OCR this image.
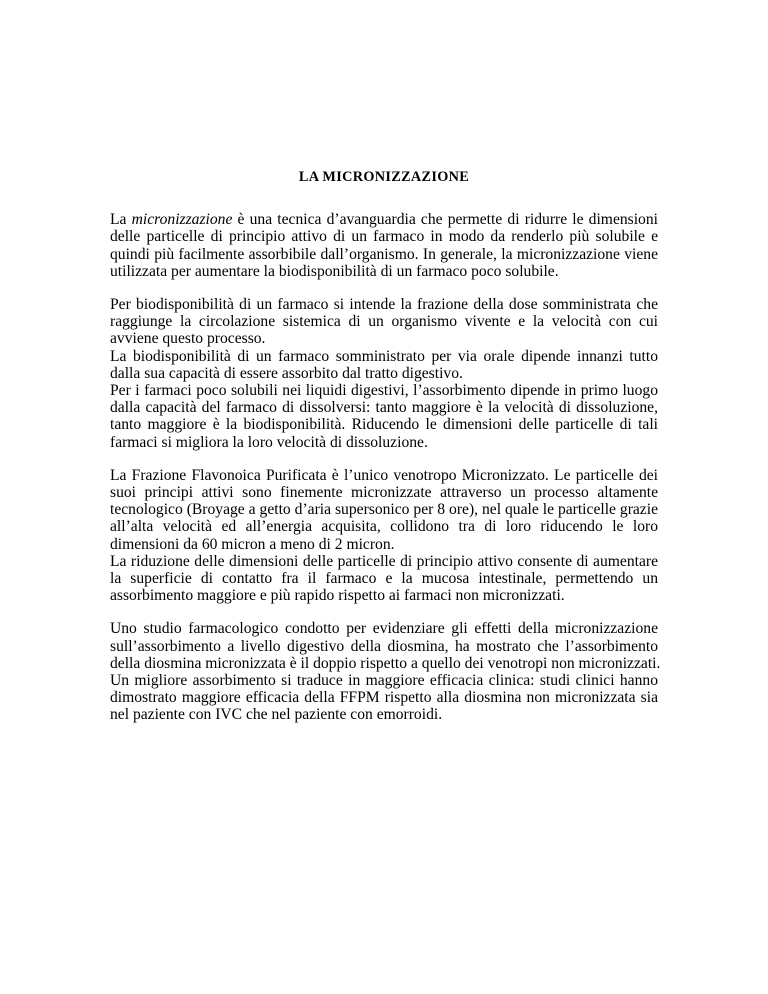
LA MICRONIZZAZIONE
La micronizzazione è una tecnica d’avanguardia che permette di ridurre le dimensioni
delle particelle di principio attivo di un farmaco in modo da renderlo più solubile e
quindi più facilmente assorbibile dall’organismo. In generale, la micronizzazione viene
utilizzata per aumentare la biodisponibilità di un farmaco poco solubile.
Per biodisponibilità di un farmaco si intende la frazione della dose somministrata che
raggiunge la circolazione sistemica di un organismo vivente e la velocità con cui
avviene questo processo.
La biodisponibilità di un farmaco somministrato per via orale dipende innanzi tutto
dalla sua capacità di essere assorbito dal tratto digestivo.
Per i farmaci poco solubili nei liquidi digestivi, l’assorbimento dipende in primo luogo
dalla capacità del farmaco di dissolversi: tanto maggiore è la velocità di dissoluzione,
tanto maggiore è la biodisponibilità. Riducendo le dimensioni delle particelle di tali
farmaci si migliora la loro velocità di dissoluzione.
La Frazione Flavonoica Purificata è l’unico venotropo Micronizzato. Le particelle dei
suoi principi attivi sono finemente micronizzate attraverso un processo altamente
tecnologico (Broyage a getto d’aria supersonico per 8 ore), nel quale le particelle grazie
all’alta velocità ed all’energia acquisita, collidono tra di loro riducendo le loro
dimensioni da 60 micron a meno di 2 micron.
La riduzione delle dimensioni delle particelle di principio attivo consente di aumentare
la superficie di contatto fra il farmaco e la mucosa intestinale, permettendo un
assorbimento maggiore e più rapido rispetto ai farmaci non micronizzati.
Uno studio farmacologico condotto per evidenziare gli effetti della micronizzazione
sull’assorbimento a livello digestivo della diosmina, ha mostrato che l’assorbimento
della diosmina micronizzata è il doppio rispetto a quello dei venotropi non micronizzati.
Un migliore assorbimento si traduce in maggiore efficacia clinica: studi clinici hanno
dimostrato maggiore efficacia della FFPM rispetto alla diosmina non micronizzata sia
nel paziente con IVC che nel paziente con emorroidi.
